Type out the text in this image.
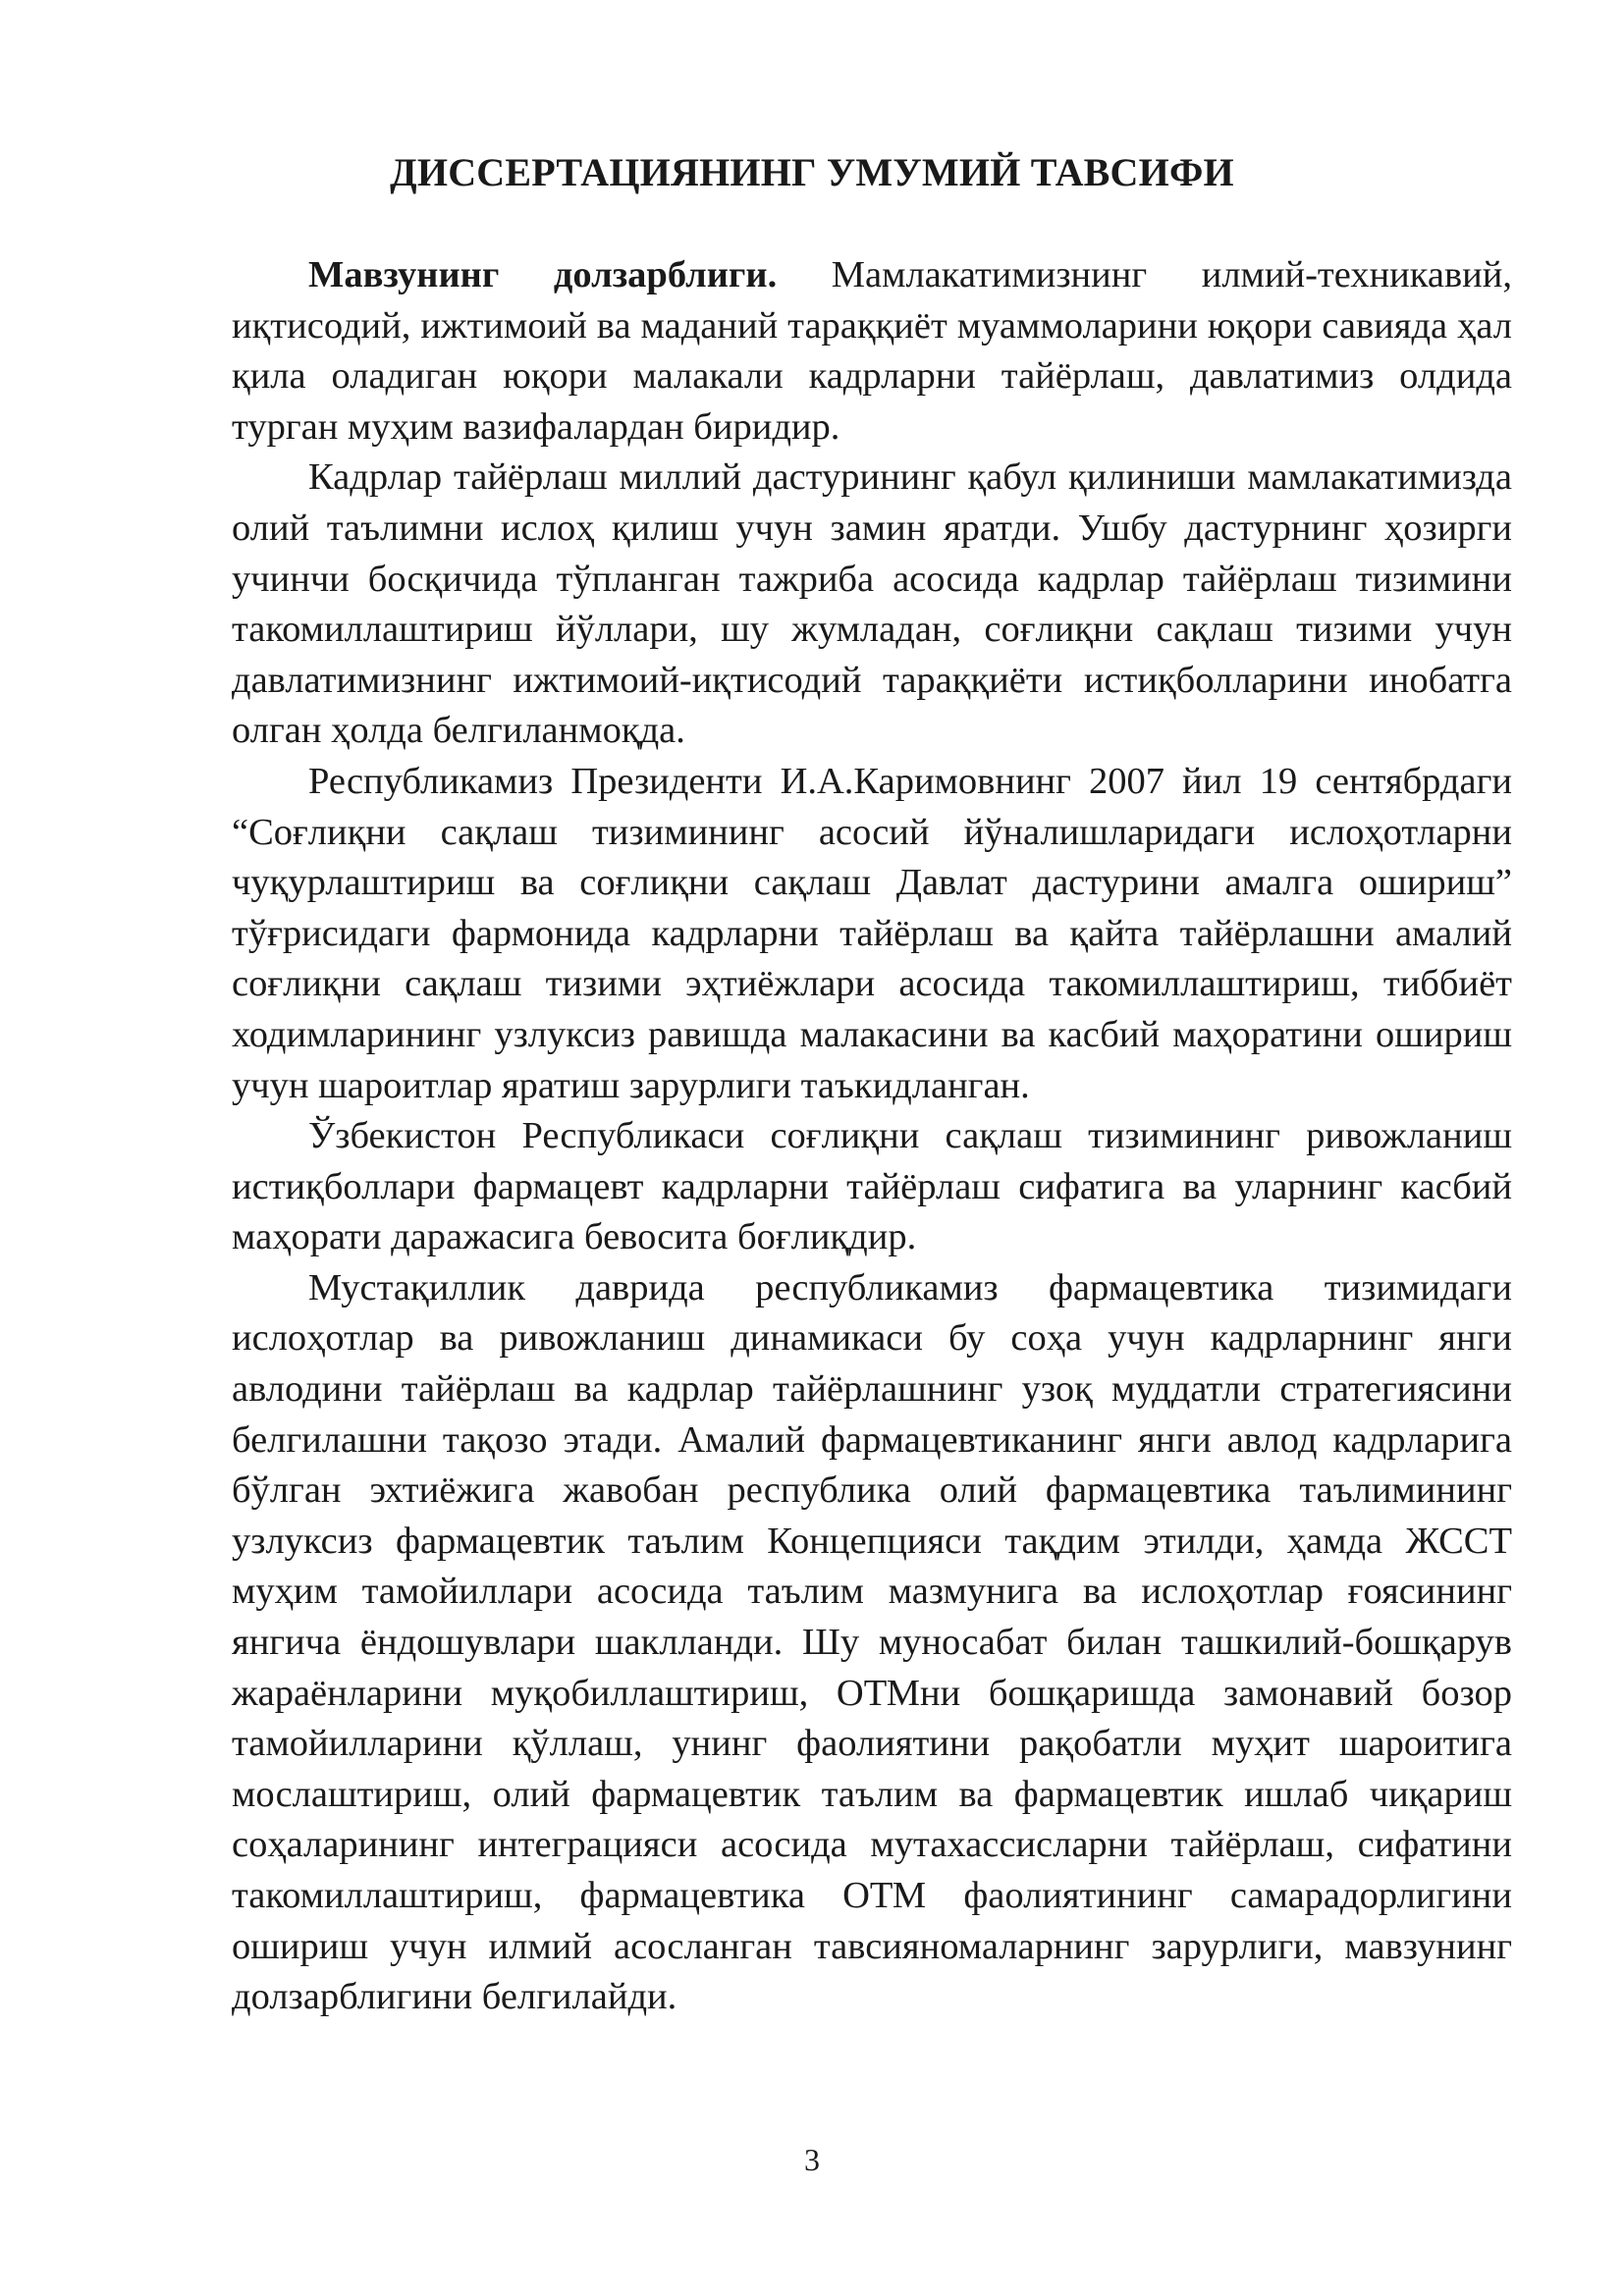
ДИССЕРТАЦИЯНИНГ УМУМИЙ ТАВСИФИ

Мавзунинг долзарблиги. Мамлакатимизнинг илмий-техникавий, иқтисодий, ижтимоий ва маданий тараққиёт муаммоларини юқори савияда ҳал қила оладиган юқори малакали кадрларни тайёрлаш, давлатимиз олдида турган муҳим вазифалардан биридир.

Кадрлар тайёрлаш миллий дастурининг қабул қилиниши мамлакатимизда олий таълимни ислоҳ қилиш учун замин яратди. Ушбу дастурнинг ҳозирги учинчи босқичида тўпланган тажриба асосида кадрлар тайёрлаш тизимини такомиллаштириш йўллари, шу жумладан, соғлиқни сақлаш тизими учун давлатимизнинг ижтимоий-иқтисодий тараққиёти истиқболларини инобатга олган ҳолда белгиланмоқда.

Республикамиз Президенти И.А.Каримовнинг 2007 йил 19 сентябрдаги “Соғлиқни сақлаш тизимининг асосий йўналишларидаги ислоҳотларни чуқурлаштириш ва соғлиқни сақлаш Давлат дастурини амалга ошириш” тўғрисидаги фармонида кадрларни тайёрлаш ва қайта тайёрлашни амалий соғлиқни сақлаш тизими эҳтиёжлари асосида такомиллаштириш, тиббиёт ходимларининг узлуксиз равишда малакасини ва касбий маҳоратини ошириш учун шароитлар яратиш зарурлиги таъкидланган.

Ўзбекистон Республикаси соғлиқни сақлаш тизимининг ривожланиш истиқболлари фармацевт кадрларни тайёрлаш сифатига ва уларнинг касбий маҳорати даражасига бевосита боғлиқдир.

Мустақиллик даврида республикамиз фармацевтика тизимидаги ислоҳотлар ва ривожланиш динамикаси бу соҳа учун кадрларнинг янги авлодини тайёрлаш ва кадрлар тайёрлашнинг узоқ муддатли стратегиясини белгилашни тақозо этади. Амалий фармацевтиканинг янги авлод кадрларига бўлган эхтиёжига жавобан республика олий фармацевтика таълимининг узлуксиз фармацевтик таълим Концепцияси тақдим этилди, ҳамда ЖССТ муҳим тамойиллари асосида таълим мазмунига ва ислоҳотлар ғоясининг янгича ёндошувлари шаклланди. Шу муносабат билан ташкилий-бошқарув жараёнларини муқобиллаштириш, ОТМни бошқаришда замонавий бозор тамойилларини қўллаш, унинг фаолиятини рақобатли муҳит шароитига мослаштириш, олий фармацевтик таълим ва фармацевтик ишлаб чиқариш соҳаларининг интеграцияси асосида мутахассисларни тайёрлаш, сифатини такомиллаштириш, фармацевтика ОТМ фаолиятининг самарадорлигини ошириш учун илмий асосланган тавсияномаларнинг зарурлиги, мавзунинг долзарблигини белгилайди.

3
